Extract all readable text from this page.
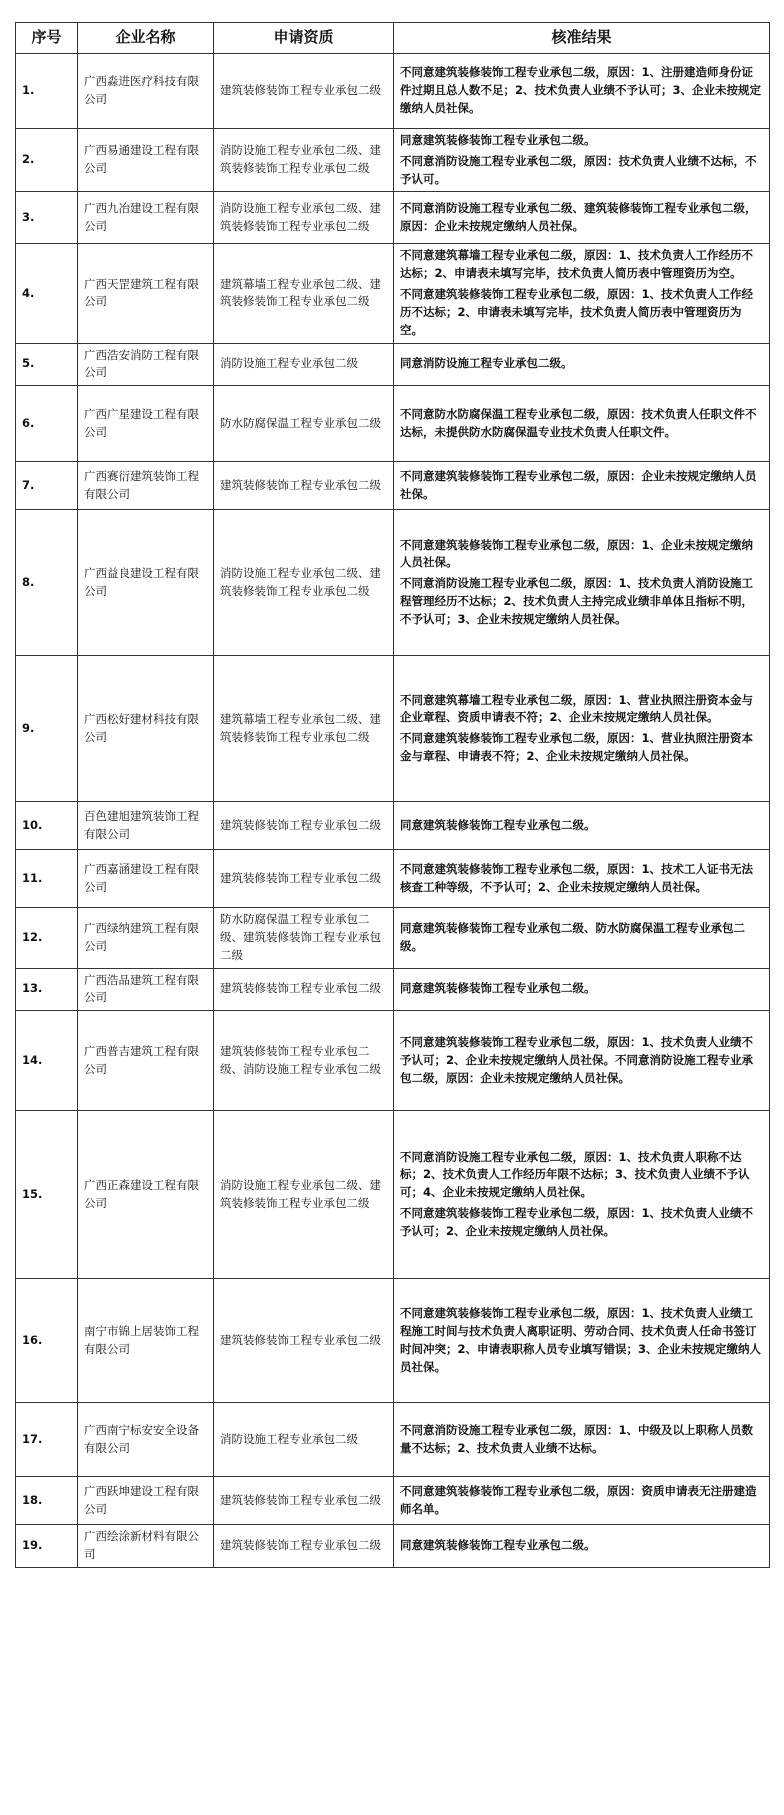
序号	企业名称	申请资质	核准结果
1.	广西淼进医疗科技有限公司	建筑装修装饰工程专业承包二级	不同意建筑装修装饰工程专业承包二级，原因：1、注册建造师身份证件过期且总人数不足；2、技术负责人业绩不予认可；3、企业未按规定缴纳人员社保。

2.	广西易通建设工程有限公司	消防设施工程专业承包二级、建筑装修装饰工程专业承包二级	同意建筑装修装饰工程专业承包二级。
不同意消防设施工程专业承包二级，原因：技术负责人业绩不达标，不予认可。

3.	广西九冶建设工程有限公司	消防设施工程专业承包二级、建筑装修装饰工程专业承包二级	不同意消防设施工程专业承包二级、建筑装修装饰工程专业承包二级，原因：企业未按规定缴纳人员社保。

4.	广西天罡建筑工程有限公司	建筑幕墙工程专业承包二级、建筑装修装饰工程专业承包二级	不同意建筑幕墙工程专业承包二级，原因：1、技术负责人工作经历不达标；2、申请表未填写完毕，技术负责人简历表中管理资历为空。
不同意建筑装修装饰工程专业承包二级，原因：1、技术负责人工作经历不达标；2、申请表未填写完毕，技术负责人简历表中管理资历为空。

5.	广西浩安消防工程有限公司	消防设施工程专业承包二级	同意消防设施工程专业承包二级。

6.	广西广星建设工程有限公司	防水防腐保温工程专业承包二级	不同意防水防腐保温工程专业承包二级，原因：技术负责人任职文件不达标，未提供防水防腐保温专业技术负责人任职文件。

7.	广西赛衍建筑装饰工程有限公司	建筑装修装饰工程专业承包二级	不同意建筑装修装饰工程专业承包二级，原因：企业未按规定缴纳人员社保。

8.	广西益良建设工程有限公司	消防设施工程专业承包二级、建筑装修装饰工程专业承包二级	不同意建筑装修装饰工程专业承包二级，原因：1、企业未按规定缴纳人员社保。
不同意消防设施工程专业承包二级，原因：1、技术负责人消防设施工程管理经历不达标；2、技术负责人主持完成业绩非单体且指标不明，不予认可；3、企业未按规定缴纳人员社保。

9.	广西松好建材科技有限公司	建筑幕墙工程专业承包二级、建筑装修装饰工程专业承包二级	不同意建筑幕墙工程专业承包二级，原因：1、营业执照注册资本金与企业章程、资质申请表不符；2、企业未按规定缴纳人员社保。
不同意建筑装修装饰工程专业承包二级，原因：1、营业执照注册资本金与章程、申请表不符；2、企业未按规定缴纳人员社保。

10.	百色建旭建筑装饰工程有限公司	建筑装修装饰工程专业承包二级	同意建筑装修装饰工程专业承包二级。

11.	广西嘉涵建设工程有限公司	建筑装修装饰工程专业承包二级	不同意建筑装修装饰工程专业承包二级，原因：1、技术工人证书无法核查工种等级，不予认可；2、企业未按规定缴纳人员社保。

12.	广西绿纳建筑工程有限公司	防水防腐保温工程专业承包二级、建筑装修装饰工程专业承包二级	同意建筑装修装饰工程专业承包二级、防水防腐保温工程专业承包二级。

13.	广西浩品建筑工程有限公司	建筑装修装饰工程专业承包二级	同意建筑装修装饰工程专业承包二级。

14.	广西普吉建筑工程有限公司	建筑装修装饰工程专业承包二级、消防设施工程专业承包二级	不同意建筑装修装饰工程专业承包二级，原因：1、技术负责人业绩不予认可；2、企业未按规定缴纳人员社保。不同意消防设施工程专业承包二级，原因：企业未按规定缴纳人员社保。

15.	广西正森建设工程有限公司	消防设施工程专业承包二级、建筑装修装饰工程专业承包二级	不同意消防设施工程专业承包二级，原因：1、技术负责人职称不达标；2、技术负责人工作经历年限不达标；3、技术负责人业绩不予认可；4、企业未按规定缴纳人员社保。
不同意建筑装修装饰工程专业承包二级，原因：1、技术负责人业绩不予认可；2、企业未按规定缴纳人员社保。

16.	南宁市锦上居装饰工程有限公司	建筑装修装饰工程专业承包二级	不同意建筑装修装饰工程专业承包二级，原因：1、技术负责人业绩工程施工时间与技术负责人离职证明、劳动合同、技术负责人任命书签订时间冲突；2、申请表职称人员专业填写错误；3、企业未按规定缴纳人员社保。

17.	广西南宁标安安全设备有限公司	消防设施工程专业承包二级	不同意消防设施工程专业承包二级，原因：1、中级及以上职称人员数量不达标；2、技术负责人业绩不达标。

18.	广西跃坤建设工程有限公司	建筑装修装饰工程专业承包二级	不同意建筑装修装饰工程专业承包二级，原因：资质申请表无注册建造师名单。

19.	广西绘涂新材料有限公司	建筑装修装饰工程专业承包二级	同意建筑装修装饰工程专业承包二级。
